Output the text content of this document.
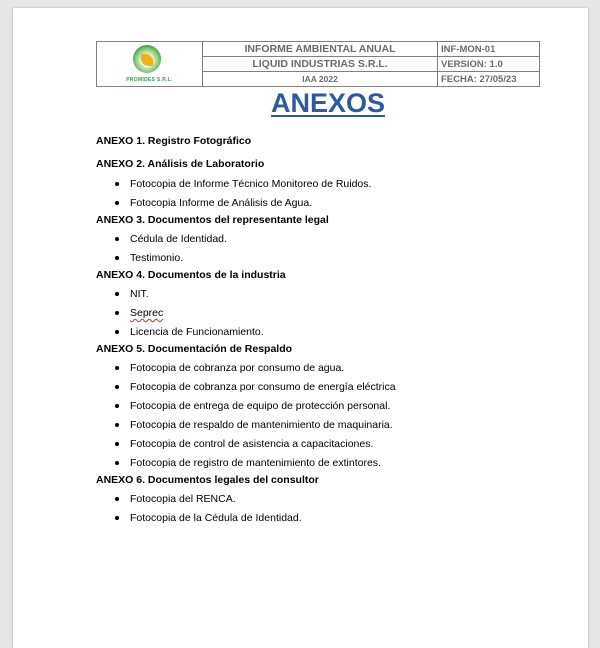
PROMIDES S.R.L.	INFORME AMBIENTAL ANUAL	INF-MON-01
	LIQUID INDUSTRIAS S.R.L.	VERSION: 1.0
	IAA 2022	FECHA: 27/05/23
ANEXOS

ANEXO 1. Registro Fotográfico

ANEXO 2. Análisis de Laboratorio

Fotocopia de Informe Técnico Monitoreo de Ruidos.
Fotocopia Informe de Análisis de Agua.

ANEXO 3. Documentos del representante legal

Cédula de Identidad.
Testimonio.

ANEXO 4. Documentos de la industria

NIT.
Seprec
Licencia de Funcionamiento.

ANEXO 5. Documentación de Respaldo

Fotocopia de cobranza por consumo de agua.
Fotocopia de cobranza por consumo de energía eléctrica
Fotocopia de entrega de equipo de protección personal.
Fotocopia de respaldo de mantenimiento de maquinaria.
Fotocopia de control de asistencia a capacitaciones.
Fotocopia de registro de mantenimiento de extintores.

ANEXO 6. Documentos legales del consultor

Fotocopia del RENCA.
Fotocopia de la Cédula de Identidad.
